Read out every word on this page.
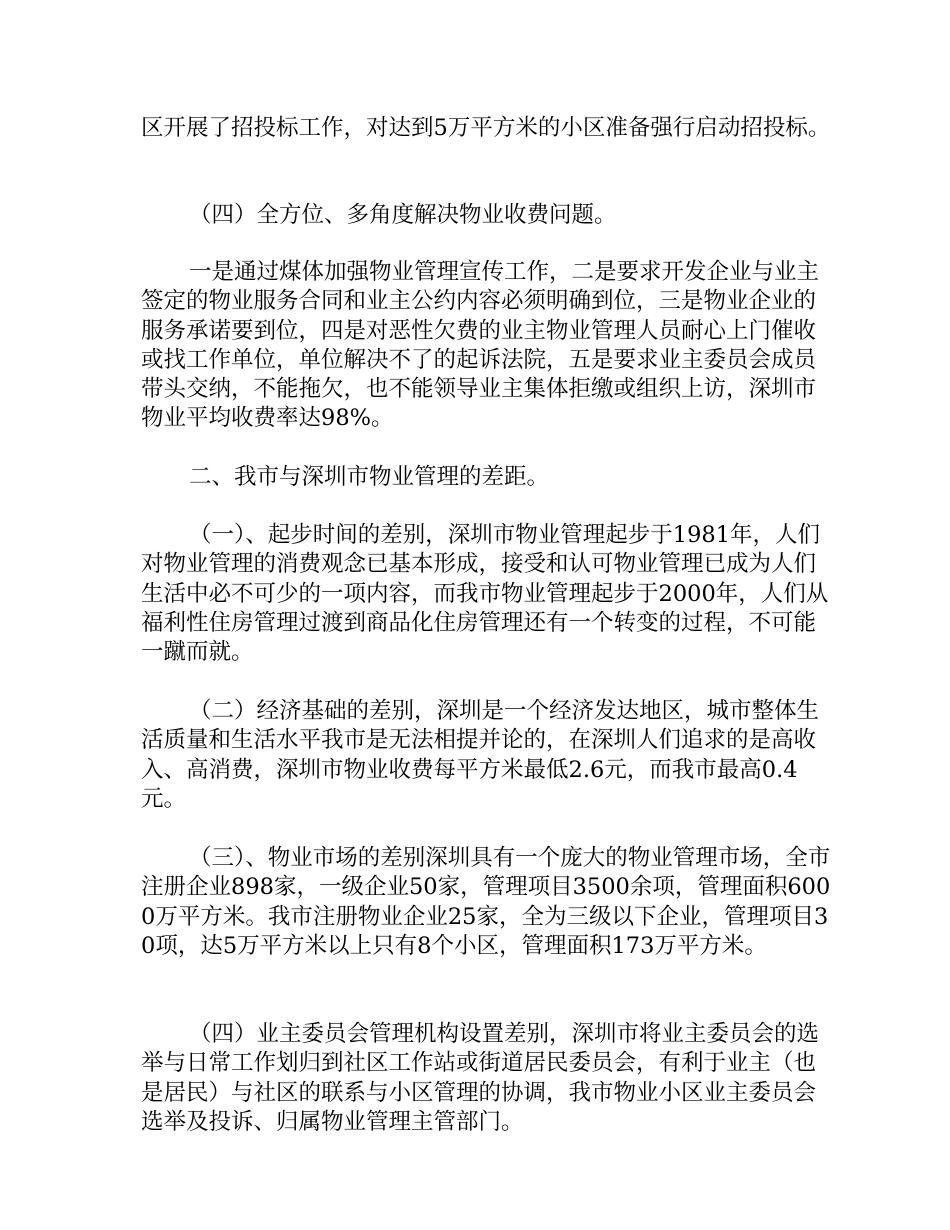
区开展了招投标工作，对达到5万平方米的小区准备强行启动招投标。

（四）全方位、多角度解决物业收费问题。

一是通过煤体加强物业管理宣传工作，二是要求开发企业与业主签定的物业服务合同和业主公约内容必须明确到位，三是物业企业的服务承诺要到位，四是对恶性欠费的业主物业管理人员耐心上门催收或找工作单位，单位解决不了的起诉法院，五是要求业主委员会成员带头交纳，不能拖欠，也不能领导业主集体拒缴或组织上访，深圳市物业平均收费率达98%。

二、我市与深圳市物业管理的差距。

（一）、起步时间的差别，深圳市物业管理起步于1981年，人们对物业管理的消费观念已基本形成，接受和认可物业管理已成为人们生活中必不可少的一项内容，而我市物业管理起步于2000年，人们从福利性住房管理过渡到商品化住房管理还有一个转变的过程，不可能一蹴而就。

（二）经济基础的差别，深圳是一个经济发达地区，城市整体生活质量和生活水平我市是无法相提并论的，在深圳人们追求的是高收入、高消费，深圳市物业收费每平方米最低2.6元，而我市最高0.4元。

（三）、物业市场的差别深圳具有一个庞大的物业管理市场，全市注册企业898家，一级企业50家，管理项目3500余项，管理面积6000万平方米。我市注册物业企业25家，全为三级以下企业，管理项目30项，达5万平方米以上只有8个小区，管理面积173万平方米。

（四）业主委员会管理机构设置差别，深圳市将业主委员会的选举与日常工作划归到社区工作站或街道居民委员会，有利于业主（也是居民）与社区的联系与小区管理的协调，我市物业小区业主委员会选举及投诉、归属物业管理主管部门。
